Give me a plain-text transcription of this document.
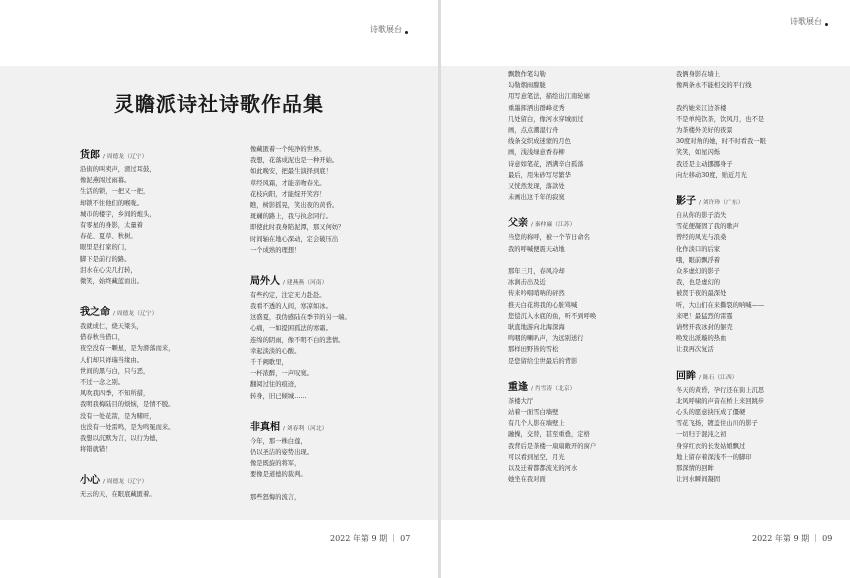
诗歌展台
灵瞻派诗社诗歌作品集
2022 年第 9 期 ｜ 07
货郎 / 周德龙（辽宁）
沿街的叫卖声，滑过耳鼓，
像泥燕闯过雨幕。
生活的锁，一把又一把，
却锁不住他们的喉咙。
城市的楼宇，乡间的炮头，
有零星的身影，太量着
春花、夏草、秋树。
眼里是打家的门，
脚下是前行的路。
泪水在心尖几打转，
微笑，始终藏蓝而出。
我之命 / 周德龙（辽宁）
我就成仁，烧天梁头，
借春秋当借口，
夜空没有一颗星，是为滑落而来，
人们却只祥瑞当缘由。
世间的黑与白，只与恶，
不过一念之别。
风吹我四季，不知所措，
我明我梅陆目的烦恼，是情不脱。
没有一处花箭，是为赌旺，
也没有一处雷鸣，是为鸣冤而来。
我想以沉默为言，以行为德，
将错就错！
小心 / 周德龙（辽宁）
无云的天，在眼底藏匿着。
像藏匿着一个纯净的世界。
我想，花落成泥也是一种开始。
如此晚安，把最生演择到底！
草经风霜，才能亲吻春光。
花枝向阳，才能绽开笑容！
瞧，树影摇晃，笑出夜的黄昏。
斑斓的路上，我与执念同行。
即使此时我身陷泥潭，那又何妨？
时间轴在地心深动，定会破压出
一个成熟的理想！
局外人 / 建燕燕（河南）
有些约定，注定无力赴赴。
我看不透的人间，寒凉如冰。
这盛夏，我伪感陆在季节的另一端。
心痛，一如提困孤法的寒霜。
连绵的阴雨，像不明不白的悲情。
幸起淡淡的心酸。
千千阙歌里，
一杯浓醉，一声叹寞。
翻阅过往的痕迹，
转身，旧已倾城……
非真相 / 刘春利（河北）
今年，那一株白莲，
仍以圣洁的姿势出现。
像是既旋的将军，
要像是道德的裁判。
那些怒悔的流言，
诗歌展台
2022 年第 9 期 ｜ 09
飘散作笔勾勒
勾勒烟雨朦胧
用写意笔法，描绘出江南轮廓
重墨挥洒出群峰竞秀
几处留白，像河水穿城而过
画，点点潮湿行舟
线条交织成迷蒙的月色
画，浅浅绿意香春柳
诗意如笔花，洒满辛白孤落
最后，用朱砂写尽繁华
又恍然发现，落款处
未画出这千年的寂寞
父亲 / 秦仲廉（江苏）
当您的称呼，被一个节日命名
我的呼喊便震天动地
那年三月，春风冷却
冰涧击出及近
传来吟唱哨呐的砰然
推天白花将我的心脏骂喊
您偿沉入水底的鱼，听不到呼唤
耿直地游向北海深海
鸣咽的喇叭声，为远别送行
那样田野皆的雪松
是您留给尘世最后的背影
重逢 / 肖雪涛（北京）
茶楼大厅
站着一面雪白墙壁
有几个人影在墙壁上
融操，交替，甚至重叠，定格
我背后是茶楼一扇扇敞开的窗户
可以看到星空，月光
以及迁着都都流光的河水
她坐在我对面
我俩身影在墙上
像两条永不能相交的平行线
我约她来江边茶楼
不是单纯饮茶，饮风月，也不是
为茶楼外美好的夜景
30度对角的她，时不时看我一眼
笑笑，如星闪烁
我还是主动挪挪身子
向左移动30度，贴近月光
影子 / 刘许珍（广东）
自从你的影子消失
雪花便凝固了我的歌声
曾经的风光与浪桑
化作淡口的后家
哦，眼前飘浮着
众多虚幻的影子
我，也是虚幻的
被贤于夜的最深处
听，大山们在来撕裂的呐喊——
来吧！最猛烈的雷霆
请劈开我冰封的躯壳
唤发出派璇的热血
让我再次复活
回眸 / 陈石（江西）
冬天的黄昏，孕行还在街上沉思
北风呼啸的声音在桥上来回跳步
心头的愿意抉压成了僵硬
雪花飞扬，镀盖住山川的影子
一切归于混沌之初
身穿红衣的长发姑娘飘过
地上留存着深浅不一的脚印
那深情的回眸
让河水瞬间凝固
